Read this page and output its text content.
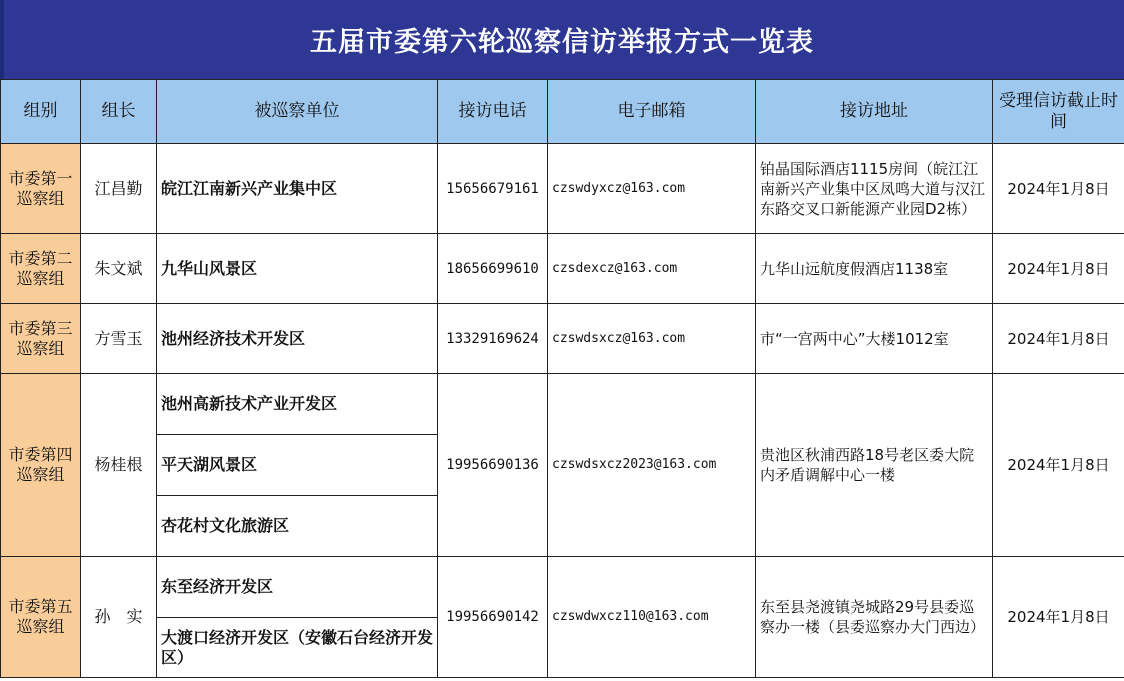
五届市委第六轮巡察信访举报方式一览表
组别	组长	被巡察单位	接访电话	电子邮箱	接访地址	受理信访截止时间
市委第一巡察组	江昌勤	皖江江南新兴产业集中区	15656679161	czswdyxcz@163.com	铂晶国际酒店1115房间（皖江江南新兴产业集中区凤鸣大道与汉江东路交叉口新能源产业园D2栋）	2024年1月8日
市委第二巡察组	朱文斌	九华山风景区	18656699610	czsdexcz@163.com	九华山远航度假酒店1138室	2024年1月8日
市委第三巡察组	方雪玉	池州经济技术开发区	13329169624	czswdsxcz@163.com	市“一宫两中心”大楼1012室	2024年1月8日
市委第四巡察组	杨桂根	池州高新技术产业开发区	19956690136	czswdsxcz2023@163.com	贵池区秋浦西路18号老区委大院内矛盾调解中心一楼	2024年1月8日
		平天湖风景区				
		杏花村文化旅游区				
市委第五巡察组	孙　实	东至经济开发区	19956690142	czswdwxcz110@163.com	东至县尧渡镇尧城路29号县委巡察办一楼（县委巡察办大门西边）	2024年1月8日
		大渡口经济开发区（安徽石台经济开发区）				
